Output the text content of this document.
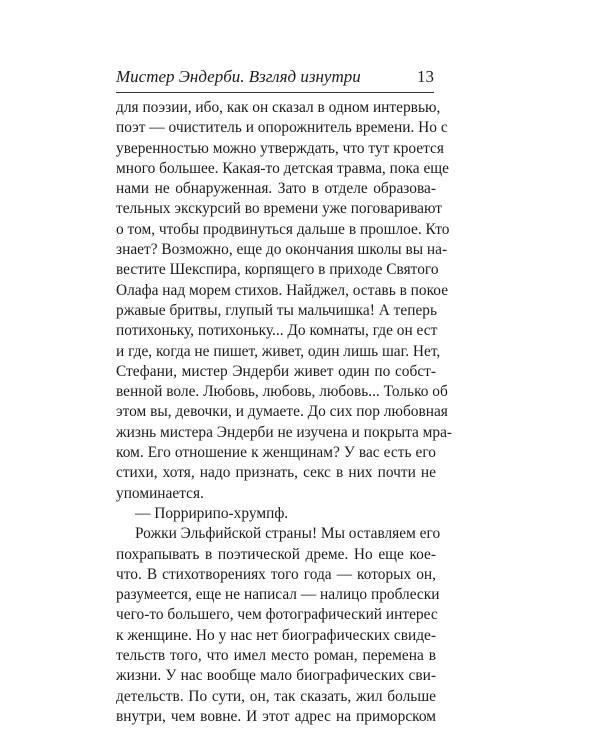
Мистер Эндерби. Взгляд изнутри	13
для поэзии, ибо, как он сказал в одном интервью,
поэт — очиститель и опорожнитель времени. Но с
уверенностью можно утверждать, что тут кроется
много большее. Какая-то детская травма, пока еще
нами не обнаруженная. Зато в отделе образова-
тельных экскурсий во времени уже поговаривают
о том, чтобы продвинуться дальше в прошлое. Кто
знает? Возможно, еще до окончания школы вы на-
вестите Шекспира, корпящего в приходе Святого
Олафа над морем стихов. Найджел, оставь в покое
ржавые бритвы, глупый ты мальчишка! А теперь
потихоньку, потихоньку... До комнаты, где он ест
и где, когда не пишет, живет, один лишь шаг. Нет,
Стефани, мистер Эндерби живет один по собст-
венной воле. Любовь, любовь, любовь... Только об
этом вы, девочки, и думаете. До сих пор любовная
жизнь мистера Эндерби не изучена и покрыта мра-
ком. Его отношение к женщинам? У вас есть его
стихи, хотя, надо признать, секс в них почти не
упоминается.
— Порририпо-хрумпф.
Рожки Эльфийской страны! Мы оставляем его
похрапывать в поэтической дреме. Но еще кое-
что. В стихотворениях того года — которых он,
разумеется, еще не написал — налицо проблески
чего-то большего, чем фотографический интерес
к женщине. Но у нас нет биографических свиде-
тельств того, что имел место роман, перемена в
жизни. У нас вообще мало биографических сви-
детельств. По сути, он, так сказать, жил больше
внутри, чем вовне. И этот адрес на приморском
